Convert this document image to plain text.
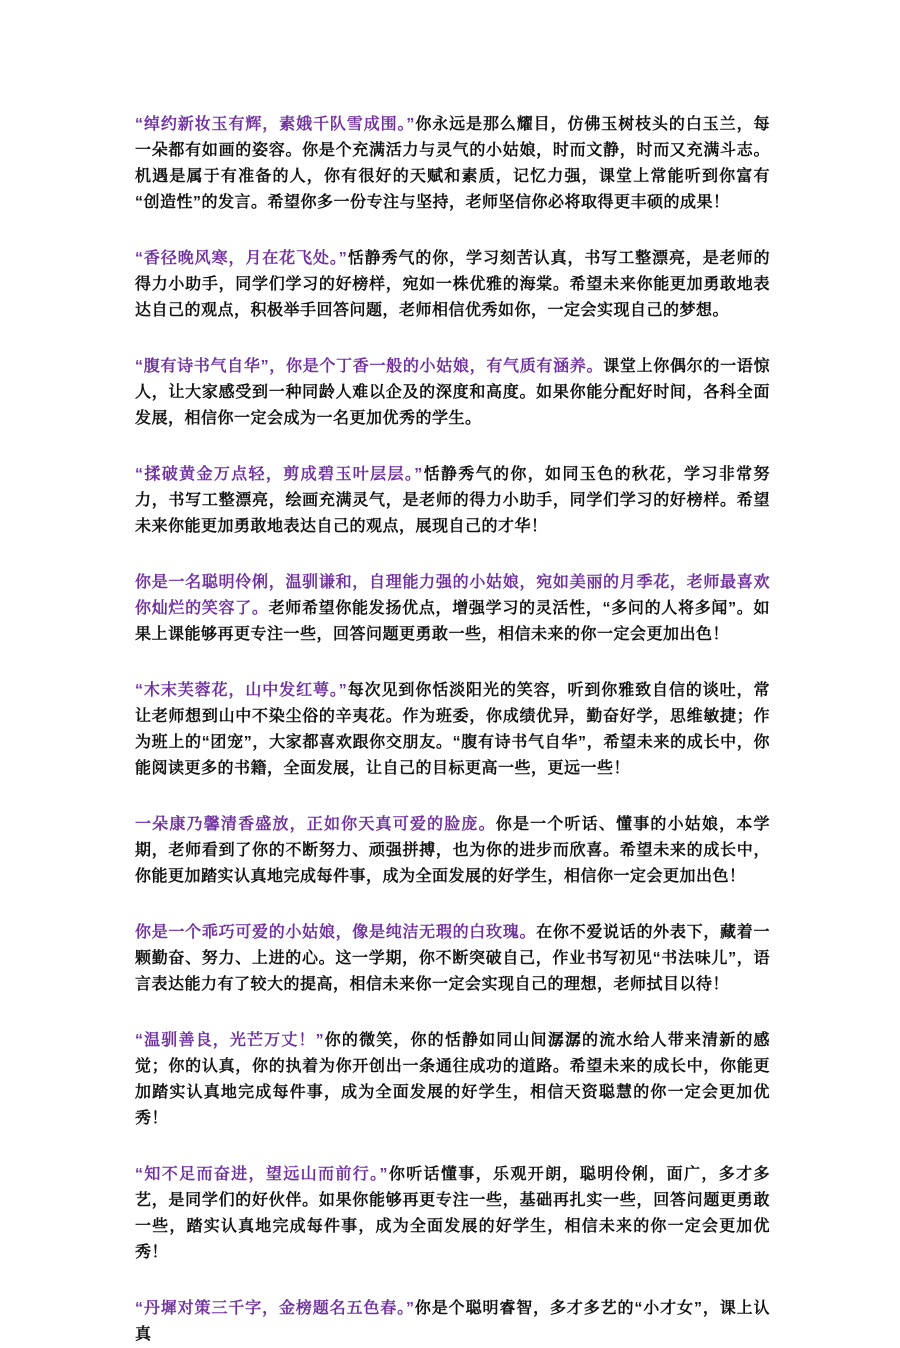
“绰约新妆玉有辉，素娥千队雪成围。”你永远是那么耀目，仿佛玉树枝头的白玉兰，每一朵都有如画的姿容。你是个充满活力与灵气的小姑娘，时而文静，时而又充满斗志。机遇是属于有准备的人，你有很好的天赋和素质，记忆力强，课堂上常能听到你富有“创造性”的发言。希望你多一份专注与坚持，老师坚信你必将取得更丰硕的成果！

“香径晚风寒，月在花飞处。”恬静秀气的你，学习刻苦认真，书写工整漂亮，是老师的得力小助手，同学们学习的好榜样，宛如一株优雅的海棠。希望未来你能更加勇敢地表达自己的观点，积极举手回答问题，老师相信优秀如你，一定会实现自己的梦想。

“腹有诗书气自华”，你是个丁香一般的小姑娘，有气质有涵养。课堂上你偶尔的一语惊人，让大家感受到一种同龄人难以企及的深度和高度。如果你能分配好时间，各科全面发展，相信你一定会成为一名更加优秀的学生。

“揉破黄金万点轻，剪成碧玉叶层层。”恬静秀气的你，如同玉色的秋花，学习非常努力，书写工整漂亮，绘画充满灵气，是老师的得力小助手，同学们学习的好榜样。希望未来你能更加勇敢地表达自己的观点，展现自己的才华！

你是一名聪明伶俐，温驯谦和，自理能力强的小姑娘，宛如美丽的月季花，老师最喜欢你灿烂的笑容了。老师希望你能发扬优点，增强学习的灵活性，“多问的人将多闻”。如果上课能够再更专注一些，回答问题更勇敢一些，相信未来的你一定会更加出色！

“木末芙蓉花，山中发红萼。”每次见到你恬淡阳光的笑容，听到你雅致自信的谈吐，常让老师想到山中不染尘俗的辛夷花。作为班委，你成绩优异，勤奋好学，思维敏捷；作为班上的“团宠”，大家都喜欢跟你交朋友。“腹有诗书气自华”，希望未来的成长中，你能阅读更多的书籍，全面发展，让自己的目标更高一些，更远一些！

一朵康乃馨清香盛放，正如你天真可爱的脸庞。你是一个听话、懂事的小姑娘，本学期，老师看到了你的不断努力、顽强拼搏，也为你的进步而欣喜。希望未来的成长中，你能更加踏实认真地完成每件事，成为全面发展的好学生，相信你一定会更加出色！

你是一个乖巧可爱的小姑娘，像是纯洁无瑕的白玫瑰。在你不爱说话的外表下，藏着一颗勤奋、努力、上进的心。这一学期，你不断突破自己，作业书写初见“书法味儿”，语言表达能力有了较大的提高，相信未来你一定会实现自己的理想，老师拭目以待！

“温驯善良，光芒万丈！”你的微笑，你的恬静如同山间潺潺的流水给人带来清新的感觉；你的认真，你的执着为你开创出一条通往成功的道路。希望未来的成长中，你能更加踏实认真地完成每件事，成为全面发展的好学生，相信天资聪慧的你一定会更加优秀！

“知不足而奋进，望远山而前行。”你听话懂事，乐观开朗，聪明伶俐，面广，多才多艺，是同学们的好伙伴。如果你能够再更专注一些，基础再扎实一些，回答问题更勇敢一些，踏实认真地完成每件事，成为全面发展的好学生，相信未来的你一定会更加优秀！

“丹墀对策三千字，金榜题名五色春。”你是个聪明睿智，多才多艺的“小才女”，课上认真
